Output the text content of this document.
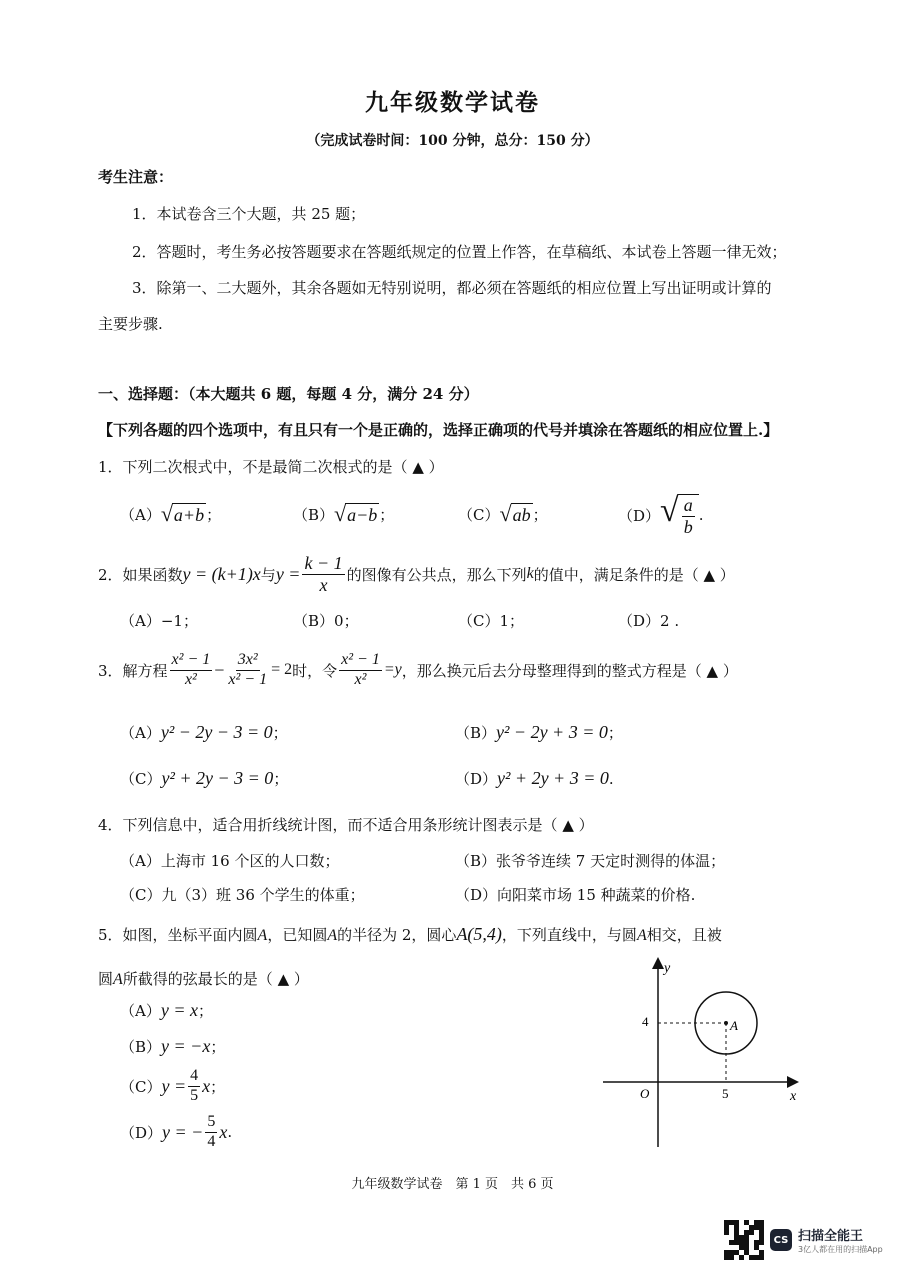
九年级数学试卷
（完成试卷时间：100 分钟，总分：150 分）
考生注意：
1．本试卷含三个大题，共 25 题；
2．答题时，考生务必按答题要求在答题纸规定的位置上作答，在草稿纸、本试卷上答题一律无效；
3．除第一、二大题外，其余各题如无特别说明，都必须在答题纸的相应位置上写出证明或计算的
主要步骤.
一、选择题：（本大题共 6 题，每题 4 分，满分 24 分）
【下列各题的四个选项中，有且只有一个是正确的，选择正确项的代号并填涂在答题纸的相应位置上.】
1．下列二次根式中，不是最简二次根式的是（ ▲ ）
（A） √ a+b ；	（B） √ a−b ；	（C） √ ab ；	（D） √ $\frac{a}{b}$ .
2．如果函数 y = (k+1)x 与 $y = \frac{k - 1}{x}$ 的图像有公共点，那么下列 k 的值中，满足条件的是（ ▲ ）
（A）−1；	（B）0；	（C）1；	（D）2 .
3．解方程 $\frac{\text{x² − 1}}{\text{x²}} - \frac{\text{3x²}}{\text{x² − 1}} = 2$ 时，令 $\frac{\text{x² − 1}}{\text{x²}} =y$ ，那么换元后去分母整理得到的整式方程是（ ▲ ）
（A）y² − 2y − 3 = 0；	（B）y² − 2y + 3 = 0；
（C）y² + 2y − 3 = 0；	（D）y² + 2y + 3 = 0.
4．下列信息中，适合用折线统计图，而不适合用条形统计图表示是（ ▲ ）
（A）上海市 16 个区的人口数；	（B）张爷爷连续 7 天定时测得的体温；
（C）九（3）班 36 个学生的体重；	（D）向阳菜市场 15 种蔬菜的价格.
5．如图，坐标平面内圆A，已知圆A的半径为 2，圆心A(5,4)，下列直线中，与圆A相交，且被
圆A所截得的弦最长的是（ ▲ ）
（A）y = x；
（B）y = −x；
（C） $y = \frac{4}{5}$ x ；
（D） y = − $\frac{5}{4}$ x .
A
4
5
O	x
y
九年级数学试卷　第 1 页　共 6 页
CS 扫描全能王
3亿人都在用的扫描App
